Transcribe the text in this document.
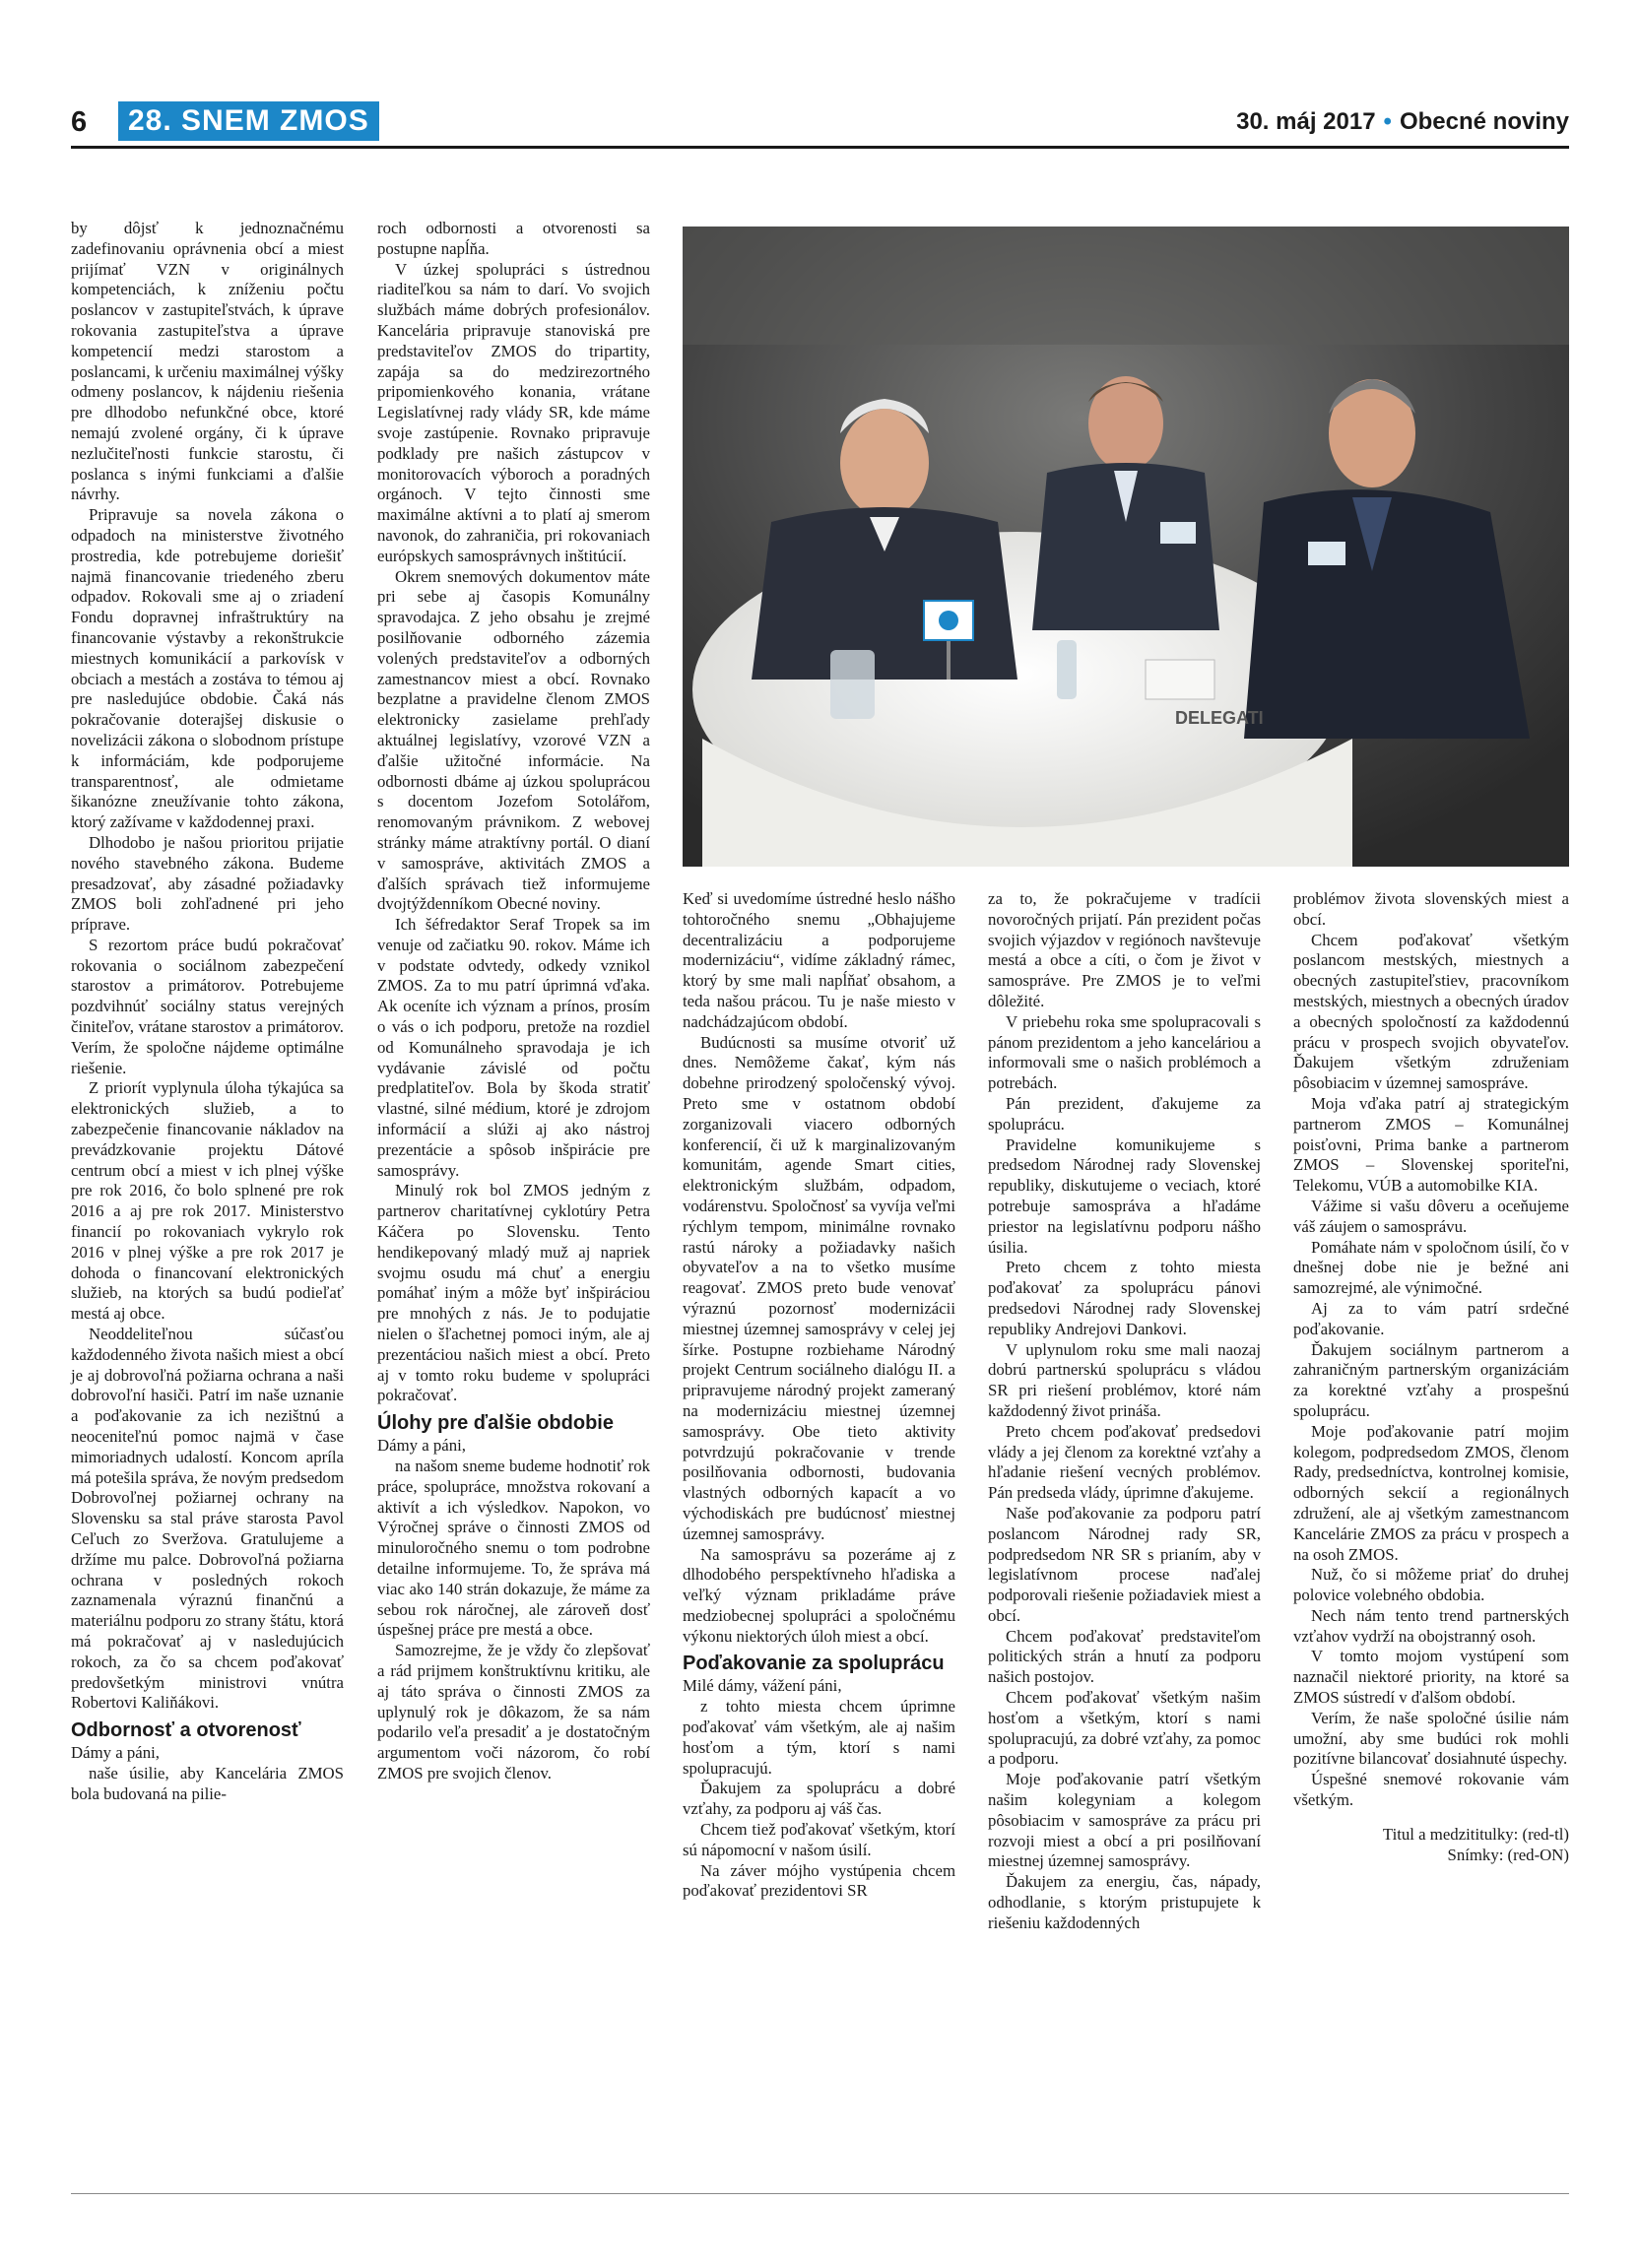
6	28. SNEM ZMOS	30. máj 2017 • Obecné noviny

by dôjsť k jednoznačnému zadefinovaniu oprávnenia obcí a miest prijímať VZN v originálnych kompetenciách, k zníženiu počtu poslancov v zastupiteľstvách, k úprave rokovania zastupiteľstva a úprave kompetencií medzi starostom a poslancami, k určeniu maximálnej výšky odmeny poslancov, k nájdeniu riešenia pre dlhodobo nefunkčné obce, ktoré nemajú zvolené orgány, či k úprave nezlučiteľnosti funkcie starostu, či poslanca s inými funkciami a ďalšie návrhy.

Pripravuje sa novela zákona o odpadoch na ministerstve životného prostredia, kde potrebujeme doriešiť najmä financovanie triedeného zberu odpadov. Rokovali sme aj o zriadení Fondu dopravnej infraštruktúry na financovanie výstavby a rekonštrukcie miestnych komunikácií a parkovísk v obciach a mestách a zostáva to témou aj pre nasledujúce obdobie. Čaká nás pokračovanie doterajšej diskusie o novelizácii zákona o slobodnom prístupe k informáciám, kde podporujeme transparentnosť, ale odmietame šikanózne zneužívanie tohto zákona, ktorý zažívame v každodennej praxi.

Dlhodobo je našou prioritou prijatie nového stavebného zákona. Budeme presadzovať, aby zásadné požiadavky ZMOS boli zohľadnené pri jeho príprave.

S rezortom práce budú pokračovať rokovania o sociálnom zabezpečení starostov a primátorov. Potrebujeme pozdvihnúť sociálny status verejných činiteľov, vrátane starostov a primátorov. Verím, že spoločne nájdeme optimálne riešenie.

Z priorít vyplynula úloha týkajúca sa elektronických služieb, a to zabezpečenie financovanie nákladov na prevádzkovanie projektu Dátové centrum obcí a miest v ich plnej výške pre rok 2016, čo bolo splnené pre rok 2016 a aj pre rok 2017. Ministerstvo financií po rokovaniach vykrylo rok 2016 v plnej výške a pre rok 2017 je dohoda o financovaní elektronických služieb, na ktorých sa budú podieľať mestá aj obce.

Neoddeliteľnou súčasťou každodenného života našich miest a obcí je aj dobrovoľná požiarna ochrana a naši dobrovoľní hasiči. Patrí im naše uznanie a poďakovanie za ich nezištnú a neoceniteľnú pomoc najmä v čase mimoriadnych udalostí. Koncom apríla má potešila správa, že novým predsedom Dobrovoľnej požiarnej ochrany na Slovensku sa stal práve starosta Pavol Ceľuch zo Sveržova. Gratulujeme a držíme mu palce. Dobrovoľná požiarna ochrana v posledných rokoch zaznamenala výraznú finančnú a materiálnu podporu zo strany štátu, ktorá má pokračovať aj v nasledujúcich rokoch, za čo sa chcem poďakovať predovšetkým ministrovi vnútra Robertovi Kaliňákovi.

Odbornosť a otvorenosť

Dámy a páni,

naše úsilie, aby Kancelária ZMOS bola budovaná na pilie-

roch odbornosti a otvorenosti sa postupne napĺňa.

V úzkej spolupráci s ústrednou riaditeľkou sa nám to darí. Vo svojich službách máme dobrých profesionálov. Kancelária pripravuje stanoviská pre predstaviteľov ZMOS do tripartity, zapája sa do medzirezortného pripomienkového konania, vrátane Legislatívnej rady vlády SR, kde máme svoje zastúpenie. Rovnako pripravuje podklady pre našich zástupcov v monitorovacích výboroch a poradných orgánoch. V tejto činnosti sme maximálne aktívni a to platí aj smerom navonok, do zahraničia, pri rokovaniach európskych samosprávnych inštitúcií.

Okrem snemových dokumentov máte pri sebe aj časopis Komunálny spravodajca. Z jeho obsahu je zrejmé posilňovanie odborného zázemia volených predstaviteľov a odborných zamestnancov miest a obcí. Rovnako bezplatne a pravidelne členom ZMOS elektronicky zasielame prehľady aktuálnej legislatívy, vzorové VZN a ďalšie užitočné informácie. Na odbornosti dbáme aj úzkou spoluprácou s docentom Jozefom Sotolářom, renomovaným právnikom. Z webovej stránky máme atraktívny portál. O dianí v samospráve, aktivitách ZMOS a ďalších správach tiež informujeme dvojtýždenníkom Obecné noviny.

Ich šéfredaktor Seraf Tropek sa im venuje od začiatku 90. rokov. Máme ich v podstate odvtedy, odkedy vznikol ZMOS. Za to mu patrí úprimná vďaka. Ak oceníte ich význam a prínos, prosím o vás o ich podporu, pretože na rozdiel od Komunálneho spravodaja je ich vydávanie závislé od počtu predplatiteľov. Bola by škoda stratiť vlastné, silné médium, ktoré je zdrojom informácií a slúži aj ako nástroj prezentácie a spôsob inšpirácie pre samosprávy.

Minulý rok bol ZMOS jedným z partnerov charitatívnej cyklotúry Petra Káčera po Slovensku. Tento hendikepovaný mladý muž aj napriek svojmu osudu má chuť a energiu pomáhať iným a môže byť inšpiráciou pre mnohých z nás. Je to podujatie nielen o šľachetnej pomoci iným, ale aj prezentáciou našich miest a obcí. Preto aj v tomto roku budeme v spolupráci pokračovať.

Úlohy pre ďalšie obdobie

Dámy a páni,

na našom sneme budeme hodnotiť rok práce, spolupráce, množstva rokovaní a aktivít a ich výsledkov. Napokon, vo Výročnej správe o činnosti ZMOS od minuloročného snemu o tom podrobne detailne informujeme. To, že správa má viac ako 140 strán dokazuje, že máme za sebou rok náročnej, ale zároveň dosť úspešnej práce pre mestá a obce.

Samozrejme, že je vždy čo zlepšovať a rád prijmem konštruktívnu kritiku, ale aj táto správa o činnosti ZMOS za uplynulý rok je dôkazom, že sa nám podarilo veľa presadiť a je dostatočným argumentom voči názorom, čo robí ZMOS pre svojich členov.

DELEGATI

Keď si uvedomíme ústredné heslo nášho tohtoročného snemu „Obhajujeme decentralizáciu a podporujeme modernizáciu“, vidíme základný rámec, ktorý by sme mali napĺňať obsahom, a teda našou prácou. Tu je naše miesto v nadchádzajúcom období.

Budúcnosti sa musíme otvoriť už dnes. Nemôžeme čakať, kým nás dobehne prirodzený spoločenský vývoj. Preto sme v ostatnom období zorganizovali viacero odborných konferencií, či už k marginalizovaným komunitám, agende Smart cities, elektronickým službám, odpadom, vodárenstvu. Spoločnosť sa vyvíja veľmi rýchlym tempom, minimálne rovnako rastú nároky a požiadavky našich obyvateľov a na to všetko musíme reagovať. ZMOS preto bude venovať výraznú pozornosť modernizácii miestnej územnej samosprávy v celej jej šírke. Postupne rozbiehame Národný projekt Centrum sociálneho dialógu II. a pripravujeme národný projekt zameraný na modernizáciu miestnej územnej samosprávy. Obe tieto aktivity potvrdzujú pokračovanie v trende posilňovania odbornosti, budovania vlastných odborných kapacít a vo východiskách pre budúcnosť miestnej územnej samosprávy.

Na samosprávu sa pozeráme aj z dlhodobého perspektívneho hľadiska a veľký význam prikladáme práve medziobecnej spolupráci a spoločnému výkonu niektorých úloh miest a obcí.

Poďakovanie za spoluprácu

Milé dámy, vážení páni,

z tohto miesta chcem úprimne poďakovať vám všetkým, ale aj našim hosťom a tým, ktorí s nami spolupracujú.

Ďakujem za spoluprácu a dobré vzťahy, za podporu aj váš čas.

Chcem tiež poďakovať všetkým, ktorí sú nápomocní v našom úsilí.

Na záver mójho vystúpenia chcem poďakovať prezidentovi SR

za to, že pokračujeme v tradícii novoročných prijatí. Pán prezident počas svojich výjazdov v regiónoch navštevuje mestá a obce a cíti, o čom je život v samospráve. Pre ZMOS je to veľmi dôležité.

V priebehu roka sme spolupracovali s pánom prezidentom a jeho kanceláriou a informovali sme o našich problémoch a potrebách.

Pán prezident, ďakujeme za spoluprácu.

Pravidelne komunikujeme s predsedom Národnej rady Slovenskej republiky, diskutujeme o veciach, ktoré potrebuje samospráva a hľadáme priestor na legislatívnu podporu nášho úsilia.

Preto chcem z tohto miesta poďakovať za spoluprácu pánovi predsedovi Národnej rady Slovenskej republiky Andrejovi Dankovi.

V uplynulom roku sme mali naozaj dobrú partnerskú spoluprácu s vládou SR pri riešení problémov, ktoré nám každodenný život prináša.

Preto chcem poďakovať predsedovi vlády a jej členom za korektné vzťahy a hľadanie riešení vecných problémov. Pán predseda vlády, úprimne ďakujeme.

Naše poďakovanie za podporu patrí poslancom Národnej rady SR, podpredsedom NR SR s prianím, aby v legislatívnom procese naďalej podporovali riešenie požiadaviek miest a obcí.

Chcem poďakovať predstaviteľom politických strán a hnutí za podporu našich postojov.

Chcem poďakovať všetkým našim hosťom a všetkým, ktorí s nami spolupracujú, za dobré vzťahy, za pomoc a podporu.

Moje poďakovanie patrí všetkým našim kolegyniam a kolegom pôsobiacim v samospráve za prácu pri rozvoji miest a obcí a pri posilňovaní miestnej územnej samosprávy.

Ďakujem za energiu, čas, nápady, odhodlanie, s ktorým pristupujete k riešeniu každodenných

problémov života slovenských miest a obcí.

Chcem poďakovať všetkým poslancom mestských, miestnych a obecných zastupiteľstiev, pracovníkom mestských, miestnych a obecných úradov a obecných spoločností za každodennú prácu v prospech svojich obyvateľov. Ďakujem všetkým združeniam pôsobiacim v územnej samospráve.

Moja vďaka patrí aj strategickým partnerom ZMOS – Komunálnej poisťovni, Prima banke a partnerom ZMOS – Slovenskej sporiteľni, Telekomu, VÚB a automobilke KIA.

Vážime si vašu dôveru a oceňujeme váš záujem o samosprávu.

Pomáhate nám v spoločnom úsilí, čo v dnešnej dobe nie je bežné ani samozrejmé, ale výnimočné.

Aj za to vám patrí srdečné poďakovanie.

Ďakujem sociálnym partnerom a zahraničným partnerským organizáciám za korektné vzťahy a prospešnú spoluprácu.

Moje poďakovanie patrí mojim kolegom, podpredsedom ZMOS, členom Rady, predsedníctva, kontrolnej komisie, odborných sekcií a regionálnych združení, ale aj všetkým zamestnancom Kancelárie ZMOS za prácu v prospech a na osoh ZMOS.

Nuž, čo si môžeme priať do druhej polovice volebného obdobia.

Nech nám tento trend partnerských vzťahov vydrží na obojstranný osoh.

V tomto mojom vystúpení som naznačil niektoré priority, na ktoré sa ZMOS sústredí v ďalšom období.

Verím, že naše spoločné úsilie nám umožní, aby sme budúci rok mohli pozitívne bilancovať dosiahnuté úspechy.

Úspešné snemové rokovanie vám všetkým.

Titul a medzititulky: (red-tl)
Snímky: (red-ON)
